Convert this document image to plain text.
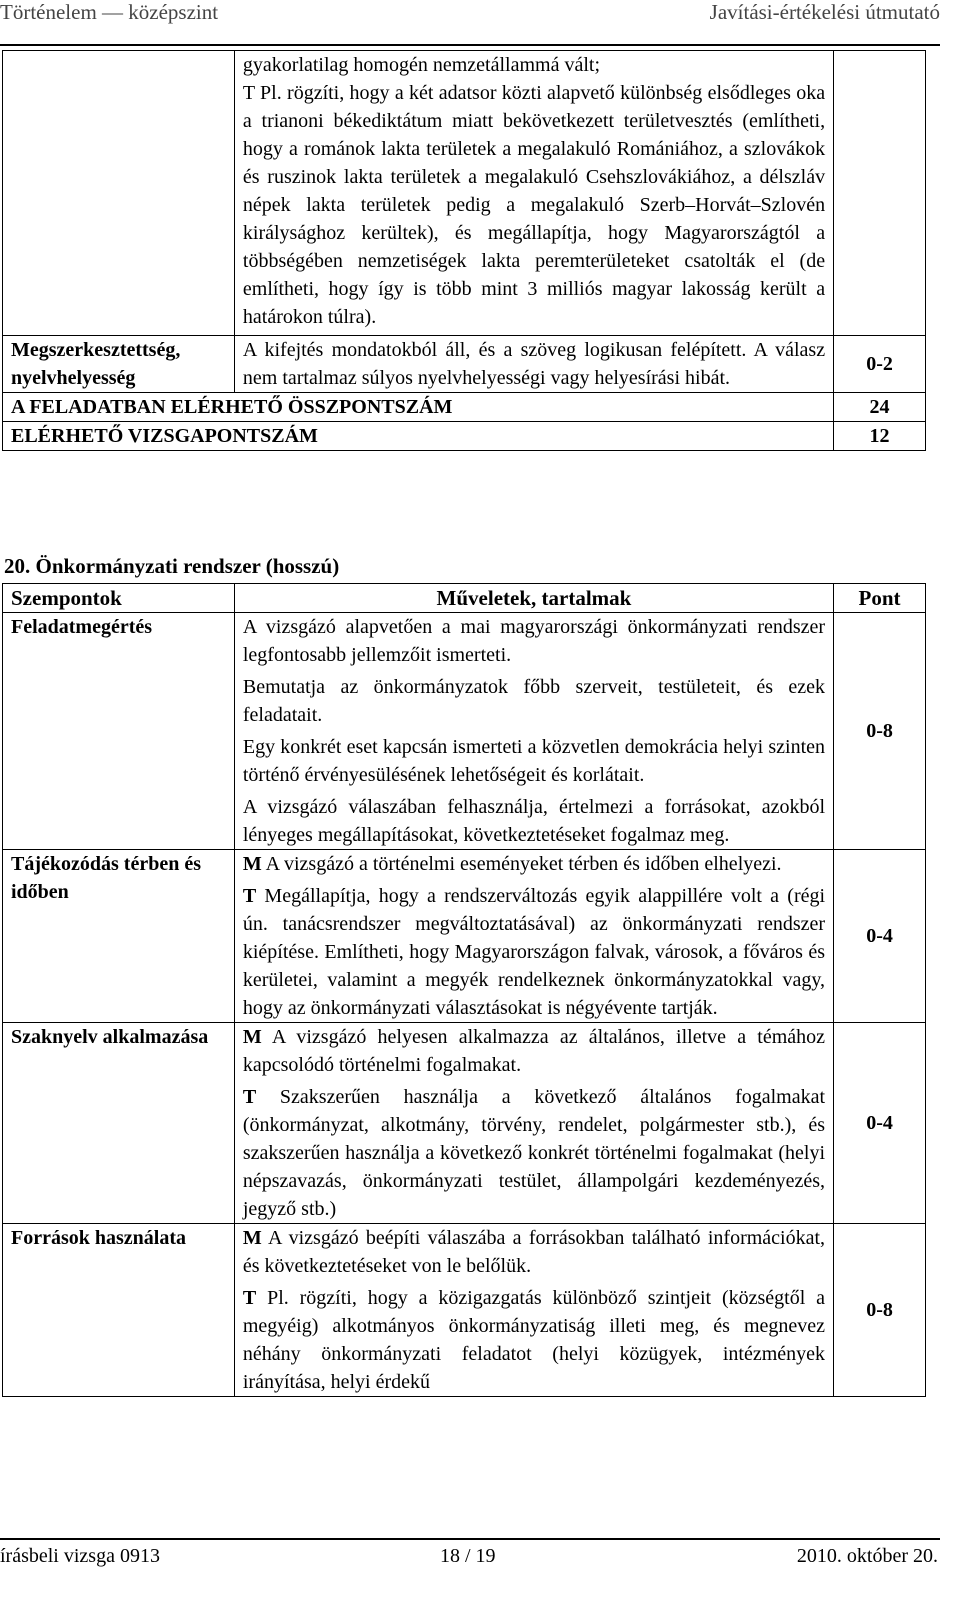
Történelem — középszint	Javítási-értékelési útmutató

	gyakorlatilag homogén nemzetállammá vált;
T Pl. rögzíti, hogy a két adatsor közti alapvető különbség elsődleges oka a trianoni békediktátum miatt bekövetkezett területvesztés (említheti, hogy a románok lakta területek a megalakuló Romániához, a szlovákok és ruszinok lakta területek a megalakuló Csehszlovákiához, a délszláv népek lakta területek pedig a megalakuló Szerb–Horvát–Szlovén királysághoz kerültek), és megállapítja, hogy Magyarországtól a többségében nemzetiségek lakta peremterületeket csatolták el (de említheti, hogy így is több mint 3 milliós magyar lakosság került a határokon túlra).	

Megszerkesztettség, nyelvhelyesség	A kifejtés mondatokból áll, és a szöveg logikusan felépített. A válasz nem tartalmaz súlyos nyelvhelyességi vagy helyesírási hibát.	0-2
A FELADATBAN ELÉRHETŐ ÖSSZPONTSZÁM		24
ELÉRHETŐ VIZSGAPONTSZÁM		12
20. Önkormányzati rendszer (hosszú)
Szempontok	Műveletek, tartalmak	Pont
Feladatmegértés	A vizsgázó alapvetően a mai magyarországi önkormányzati rendszer legfontosabb jellemzőit ismerteti.
Bemutatja az önkormányzatok főbb szerveit, testületeit, és ezek feladatait.
Egy konkrét eset kapcsán ismerteti a közvetlen demokrácia helyi szinten történő érvényesülésének lehetőségeit és korlátait.
A vizsgázó válaszában felhasználja, értelmezi a forrásokat, azokból lényeges megállapításokat, következtetéseket fogalmaz meg.	0-8
Tájékozódás térben és időben	M A vizsgázó a történelmi eseményeket térben és időben elhelyezi.
T Megállapítja, hogy a rendszerváltozás egyik alappillére volt a (régi ún. tanácsrendszer megváltoztatásával) az önkormányzati rendszer kiépítése. Említheti, hogy Magyarországon falvak, városok, a főváros és kerületei, valamint a megyék rendelkeznek önkormányzatokkal vagy, hogy az önkormányzati választásokat is négyévente tartják.	0-4
Szaknyelv alkalmazása	M A vizsgázó helyesen alkalmazza az általános, illetve a témához kapcsolódó történelmi fogalmakat.
T Szakszerűen használja a következő általános fogalmakat (önkormányzat, alkotmány, törvény, rendelet, polgármester stb.), és szakszerűen használja a következő konkrét történelmi fogalmakat (helyi népszavazás, önkormányzati testület, állampolgári kezdeményezés, jegyző stb.)	0-4
Források használata	M A vizsgázó beépíti válaszába a forrásokban található információkat, és következtetéseket von le belőlük.
T Pl. rögzíti, hogy a közigazgatás különböző szintjeit (községtől a megyéig) alkotmányos önkormányzatiság illeti meg, és megnevez néhány önkormányzati feladatot (helyi közügyek, intézmények irányítása, helyi érdekű	0-8
írásbeli vizsga 0913	18 / 19	2010. október 20.
